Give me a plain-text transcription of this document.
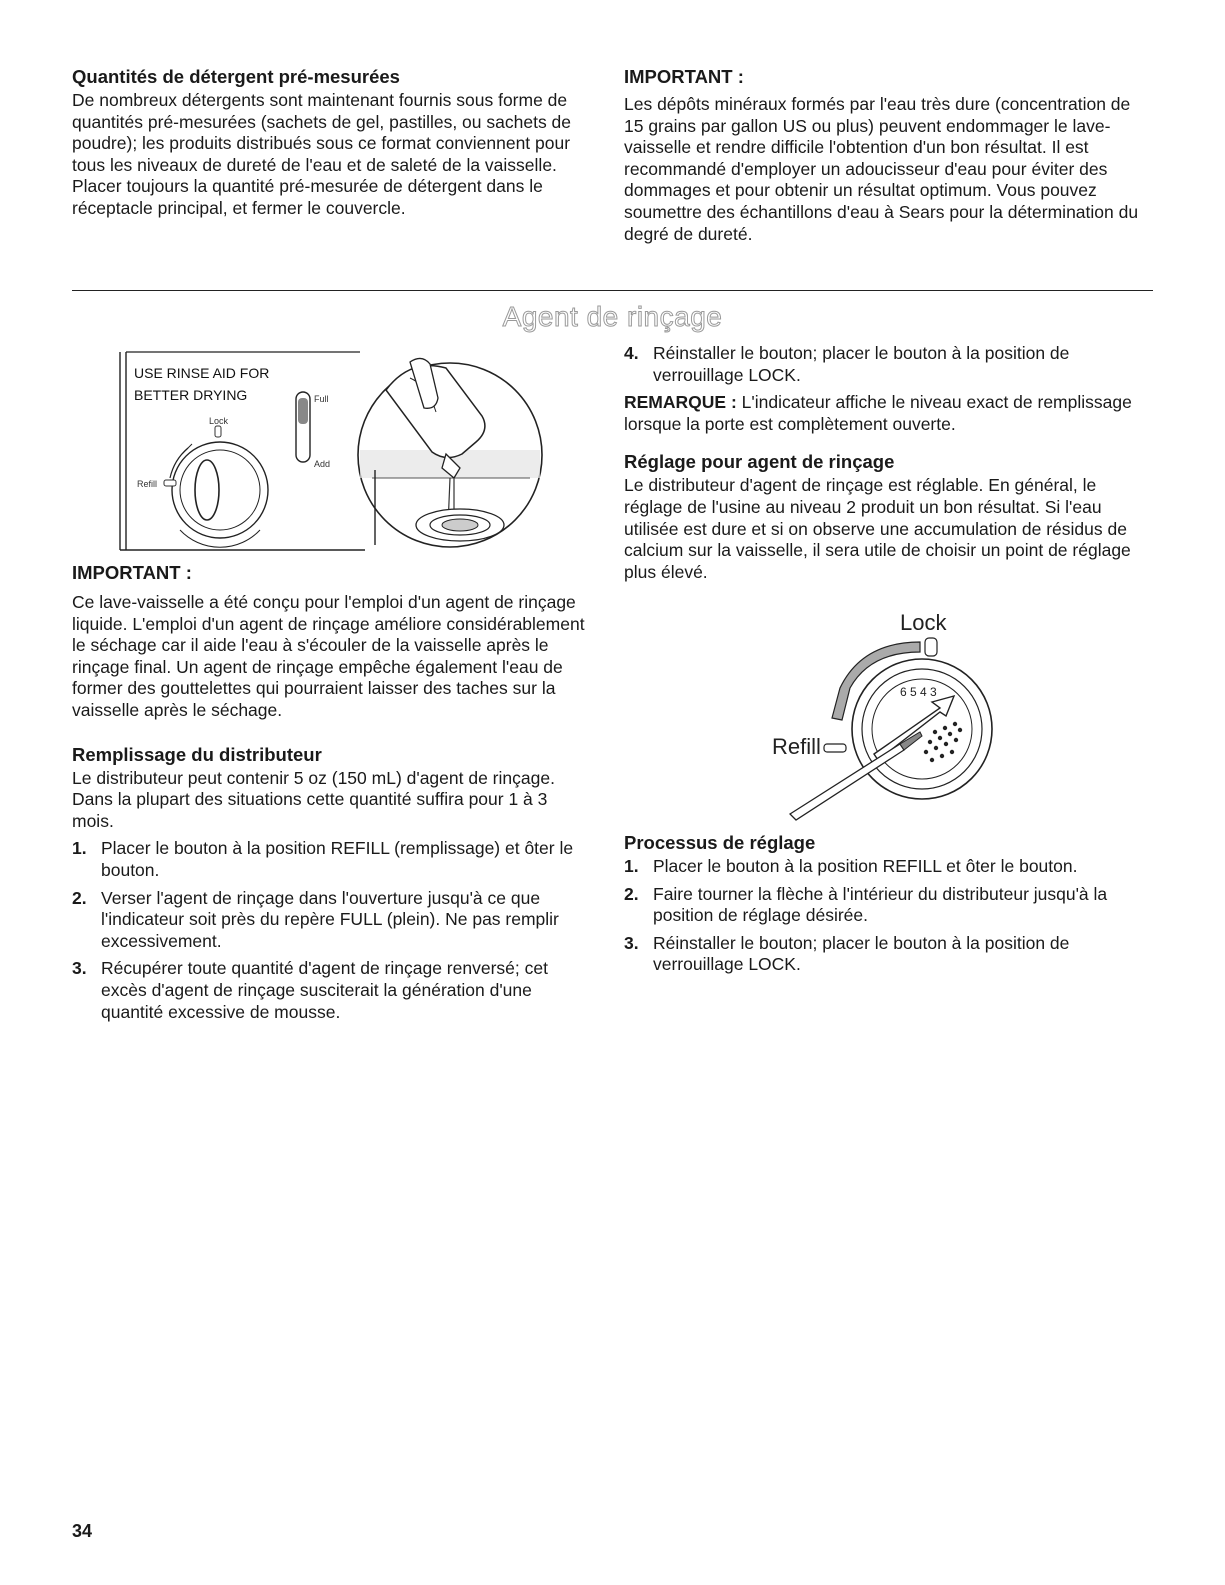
Quantités de détergent pré-mesurées

De nombreux détergents sont maintenant fournis sous forme de quantités pré-mesurées (sachets de gel, pastilles, ou sachets de poudre); les produits distribués sous ce format conviennent pour tous les niveaux de dureté de l'eau et de saleté de la vaisselle. Placer toujours la quantité pré-mesurée de détergent dans le réceptacle principal, et fermer le couvercle.

IMPORTANT :

Les dépôts minéraux formés par l'eau très dure (concentration de 15 grains par gallon US ou plus) peuvent endommager le lave-vaisselle et rendre difficile l'obtention d'un bon résultat. Il est recommandé d'employer un adoucisseur d'eau pour éviter des dommages et pour obtenir un résultat optimum. Vous pouvez soumettre des échantillons d'eau à Sears pour la détermination du degré de dureté.

Agent de rinçage
USE RINSE AID FOR
BETTER DRYING
Lock
Refill
Full
Add
IMPORTANT :

Ce lave-vaisselle a été conçu pour l'emploi d'un agent de rinçage liquide. L'emploi d'un agent de rinçage améliore considérablement le séchage car il aide l'eau à s'écouler de la vaisselle après le rinçage final. Un agent de rinçage empêche également l'eau de former des gouttelettes qui pourraient laisser des taches sur la vaisselle après le séchage.

Remplissage du distributeur

Le distributeur peut contenir 5 oz (150 mL) d'agent de rinçage. Dans la plupart des situations cette quantité suffira pour 1 à 3 mois.

1. Placer le bouton à la position REFILL (remplissage) et ôter le bouton.
2. Verser l'agent de rinçage dans l'ouverture jusqu'à ce que l'indicateur soit près du repère FULL (plein). Ne pas remplir excessivement.
3. Récupérer toute quantité d'agent de rinçage renversé; cet excès d'agent de rinçage susciterait la génération d'une quantité excessive de mousse.
4. Réinstaller le bouton; placer le bouton à la position de verrouillage LOCK.

REMARQUE : L'indicateur affiche le niveau exact de remplissage lorsque la porte est complètement ouverte.

Réglage pour agent de rinçage

Le distributeur d'agent de rinçage est réglable. En général, le réglage de l'usine au niveau 2 produit un bon résultat. Si l'eau utilisée est dure et si on observe une accumulation de résidus de calcium sur la vaisselle, il sera utile de choisir un point de réglage plus élevé.

Lock
Refill
6 5 4 3
Processus de réglage
1. Placer le bouton à la position REFILL et ôter le bouton.
2. Faire tourner la flèche à l'intérieur du distributeur jusqu'à la position de réglage désirée.
3. Réinstaller le bouton; placer le bouton à la position de verrouillage LOCK.
34
